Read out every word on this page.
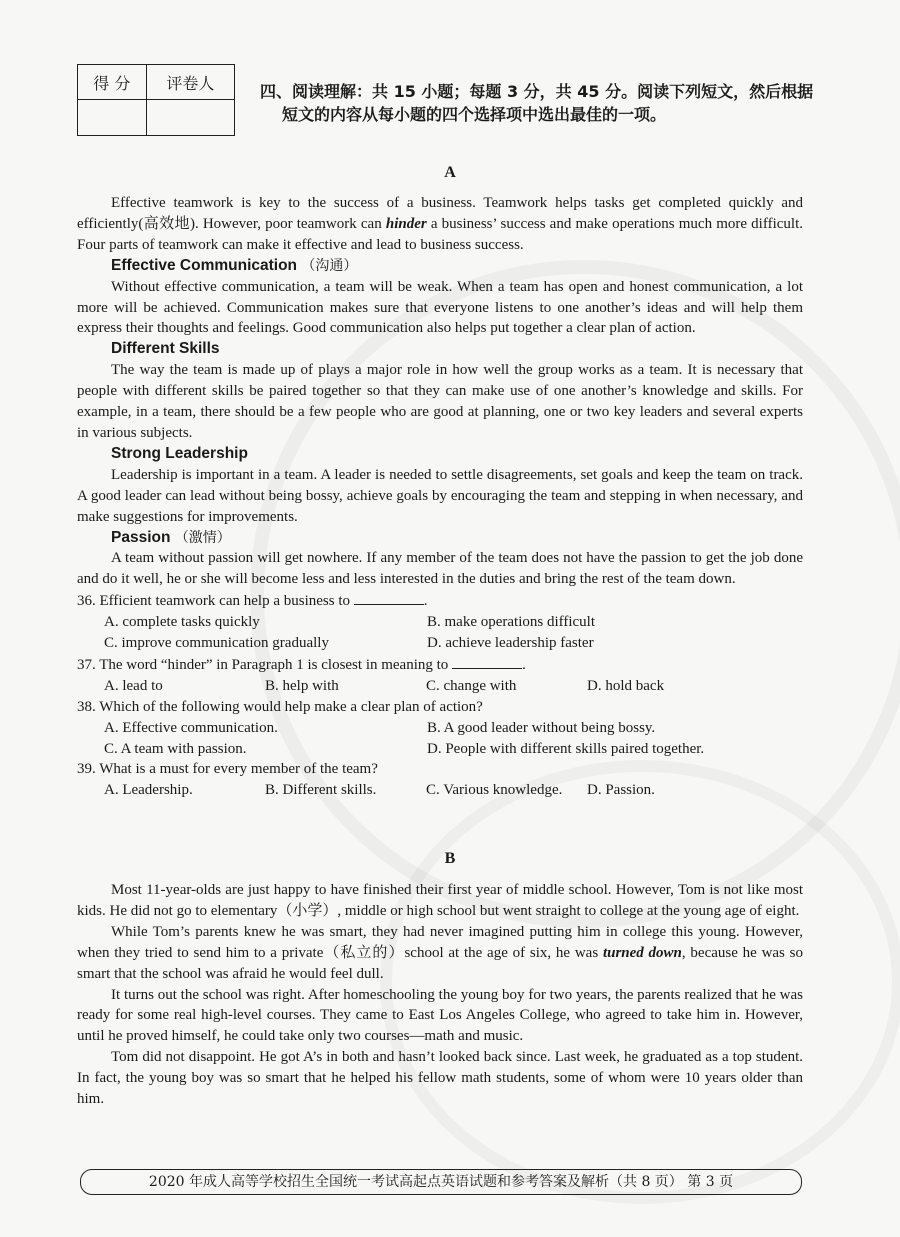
得 分	评卷人
		四、阅读理解：共 15 小题；每题 3 分，共 45 分。阅读下列短文，然后根据
短文的内容从每小题的四个选择项中选出最佳的一项。
A

Effective teamwork is key to the success of a business. Teamwork helps tasks get completed quickly and efficiently(高效地). However, poor teamwork can hinder a business’ success and make operations much more difficult. Four parts of teamwork can make it effective and lead to business success.

Effective Communication （沟通）

Without effective communication, a team will be weak. When a team has open and honest communication, a lot more will be achieved. Communication makes sure that everyone listens to one another’s ideas and will help them express their thoughts and feelings. Good communication also helps put together a clear plan of action.

Different Skills

The way the team is made up of plays a major role in how well the group works as a team. It is necessary that people with different skills be paired together so that they can make use of one another’s knowledge and skills. For example, in a team, there should be a few people who are good at planning, one or two key leaders and several experts in various subjects.

Strong Leadership

Leadership is important in a team. A leader is needed to settle disagreements, set goals and keep the team on track. A good leader can lead without being bossy, achieve goals by encouraging the team and stepping in when necessary, and make suggestions for improvements.

Passion （激情）

A team without passion will get nowhere. If any member of the team does not have the passion to get the job done and do it well, he or she will become less and less interested in the duties and bring the rest of the team down.

36. Efficient teamwork can help a business to	.
A. complete tasks quickly	B. make operations difficult
C. improve communication gradually	D. achieve leadership faster
37. The word “hinder” in Paragraph 1 is closest in meaning to	.
A. lead to	B. help with	C. change with	D. hold back
38. Which of the following would help make a clear plan of action?
A. Effective communication.	B. A good leader without being bossy.
C. A team with passion.	D. People with different skills paired together.
39. What is a must for every member of the team?
A. Leadership.	B. Different skills.	C. Various knowledge.	D. Passion.
B

Most 11-year-olds are just happy to have finished their first year of middle school. However, Tom is not like most kids. He did not go to elementary（小学）, middle or high school but went straight to college at the young age of eight.

While Tom’s parents knew he was smart, they had never imagined putting him in college this young. However, when they tried to send him to a private（私立的）school at the age of six, he was turned down, because he was so smart that the school was afraid he would feel dull.

It turns out the school was right. After homeschooling the young boy for two years, the parents realized that he was ready for some real high-level courses. They came to East Los Angeles College, who agreed to take him in. However, until he proved himself, he could take only two courses—math and music.

Tom did not disappoint. He got A’s in both and hasn’t looked back since. Last week, he graduated as a top student. In fact, the young boy was so smart that he helped his fellow math students, some of whom were 10 years older than him.

2020 年成人高等学校招生全国统一考试高起点英语试题和参考答案及解析（共 8 页） 第 3 页
